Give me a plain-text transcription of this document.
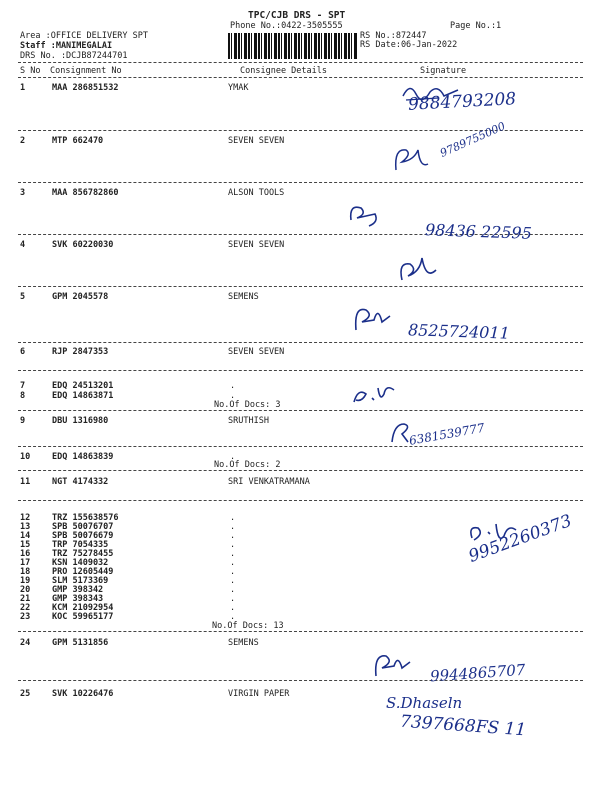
TPC/CJB DRS - SPT
Phone No.:0422-3505555	Page No.:1
Area :OFFICE DELIVERY SPT
Staff :MANIMEGALAI
DRS No. :DCJB87244701
RS No.:872447
RS Date:06-Jan-2022
S No Consignment No	Consignee Details	Signature
1	MAA 286851532	YMAK
2	MTP 662470	SEVEN SEVEN
3	MAA 856782860	ALSON TOOLS
4	SVK 60220030	SEVEN SEVEN
5	GPM 2045578	SEMENS
6	RJP 2847353	SEVEN SEVEN
7	EDQ 24513201	.
8	EDQ 14863871	.
No.Of Docs: 3
9	DBU 1316980	SRUTHISH
10	EDQ 14863839	.
No.Of Docs: 2
11	NGT 4174332	SRI VENKATRAMANA
12	TRZ 155638576	.
13	SPB 50076707	.
14	SPB 50076679	.
15	TRP 7054335	.
16	TRZ 75278455	.
17	KSN 1409032	.
18	PRO 12605449	.
19	SLM 5173369	.
20	GMP 398342	.
21	GMP 398343	.
22	KCM 21092954	.
23	KOC 59965177	.
No.Of Docs: 13
24	GPM 5131856	SEMENS
25	SVK 10226476	VIRGIN PAPER
9884793208
9789755000
98436 22595
8525724011
6381539777
9952260373
9944865707
S.Dhaseln
7397668FS 11
